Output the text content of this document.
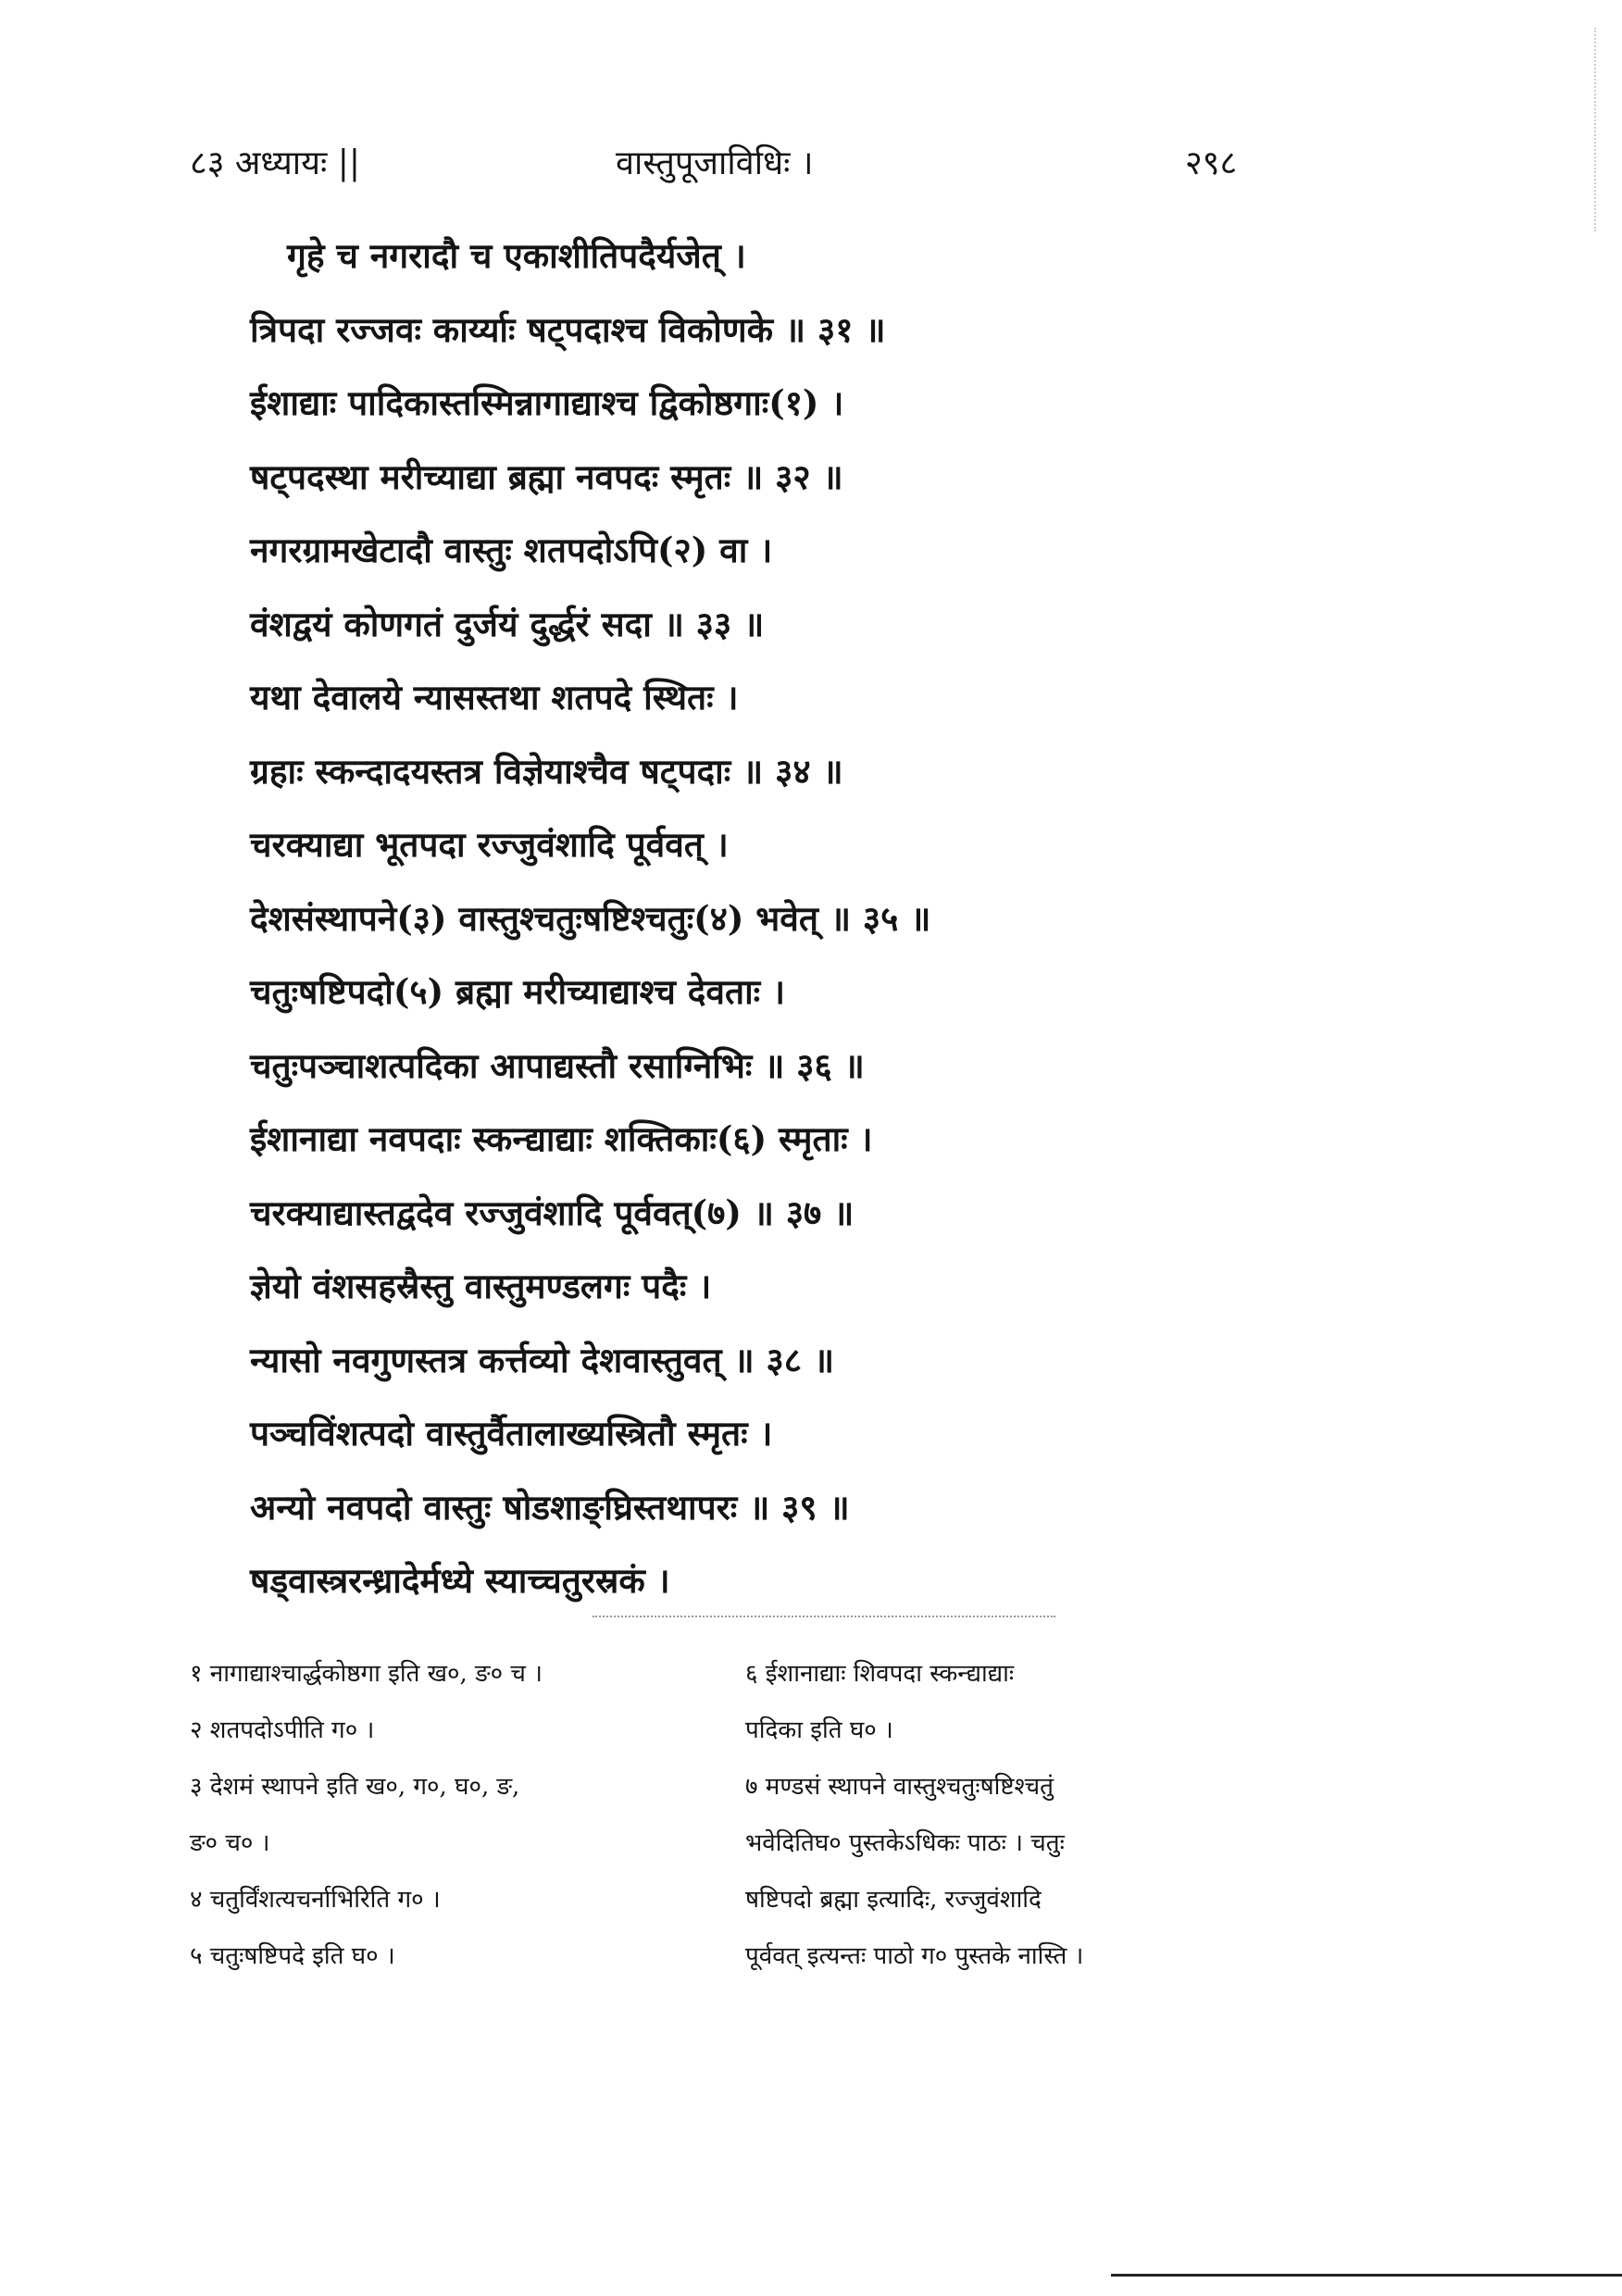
८३ अध्यायः ||	वास्तुपूजाविधिः ।	२९८
गृहे च नगरादौ च एकाशीतिपदैर्यजेत् ।
त्रिपदा रज्जवः कार्य्याः षट्पदाश्च विकोणके ॥ ३१ ॥
ईशाद्याः पादिकास्तस्मिन्नागाद्याश्च द्विकोष्ठगाः(१) ।
षट्पदस्था मरीच्याद्या ब्रह्मा नवपदः स्मृतः ॥ ३२ ॥
नगरग्रामखेटादौ वास्तुः शतपदोऽपि(२) वा ।
वंशद्वयं कोणगतं दुर्जयं दुर्द्धरं सदा ॥ ३३ ॥
यथा देवालये न्यासस्तथा शतपदे स्थितः ।
ग्रहाः स्कन्दादयस्तत्र विज्ञेयाश्चैव षट्पदाः ॥ ३४ ॥
चरक्याद्या भूतपदा रज्जुवंशादि पूर्ववत् ।
देशसंस्थापने(३) वास्तुश्चतुःषष्टिश्चतुः(४) भवेत् ॥ ३५ ॥
चतुःषष्टिपदो(५) ब्रह्मा मरीच्याद्याश्च देवताः ।
चतुःपञ्चाशत्पदिका आपाद्यस्तौ रसाग्निभिः ॥ ३६ ॥
ईशानाद्या नवपदाः स्कन्द्याद्याः शक्तिकाः(६) स्मृताः ।
चरक्याद्यास्तद्वदेव रज्जुवंशादि पूर्ववत्(७) ॥ ३७ ॥
ज्ञेयो वंशसहस्रैस्तु वास्तुमण्डलगः पदैः ।
न्यासो नवगुणस्तत्र कर्त्तव्यो देशवास्तुवत् ॥ ३८ ॥
पञ्चविंशत्पदो वास्तुर्वैतालाख्यस्त्रितौ स्मृतः ।
अन्यो नवपदो वास्तुः षोडशाङ्घ्रिस्तथापरः ॥ ३९ ॥
षड्वास्त्ररन्ध्रादेर्मध्ये स्याच्चतुरस्रकं ।
१ नागाद्याश्चार्द्धकोष्ठगा इति ख०, ङ० च ।
२ शतपदोऽपीति ग० ।
३ देशमं स्थापने इति ख०, ग०, घ०, ङ,
ङ० च० ।
४ चतुर्विंशत्यचर्नाभिरिति ग० ।
५ चतुःषष्टिपदे इति घ० ।
६ ईशानाद्याः शिवपदा स्कन्द्याद्याः
पदिका इति घ० ।
७ मण्डसं स्थापने वास्तुश्चतुःषष्टिश्चतुं
भवेदितिघ० पुस्तकेऽधिकः पाठः । चतुः
षष्टिपदो ब्रह्मा इत्यादिः, रज्जुवंशादि
पूर्ववत् इत्यन्तः पाठो ग० पुस्तके नास्ति ।
